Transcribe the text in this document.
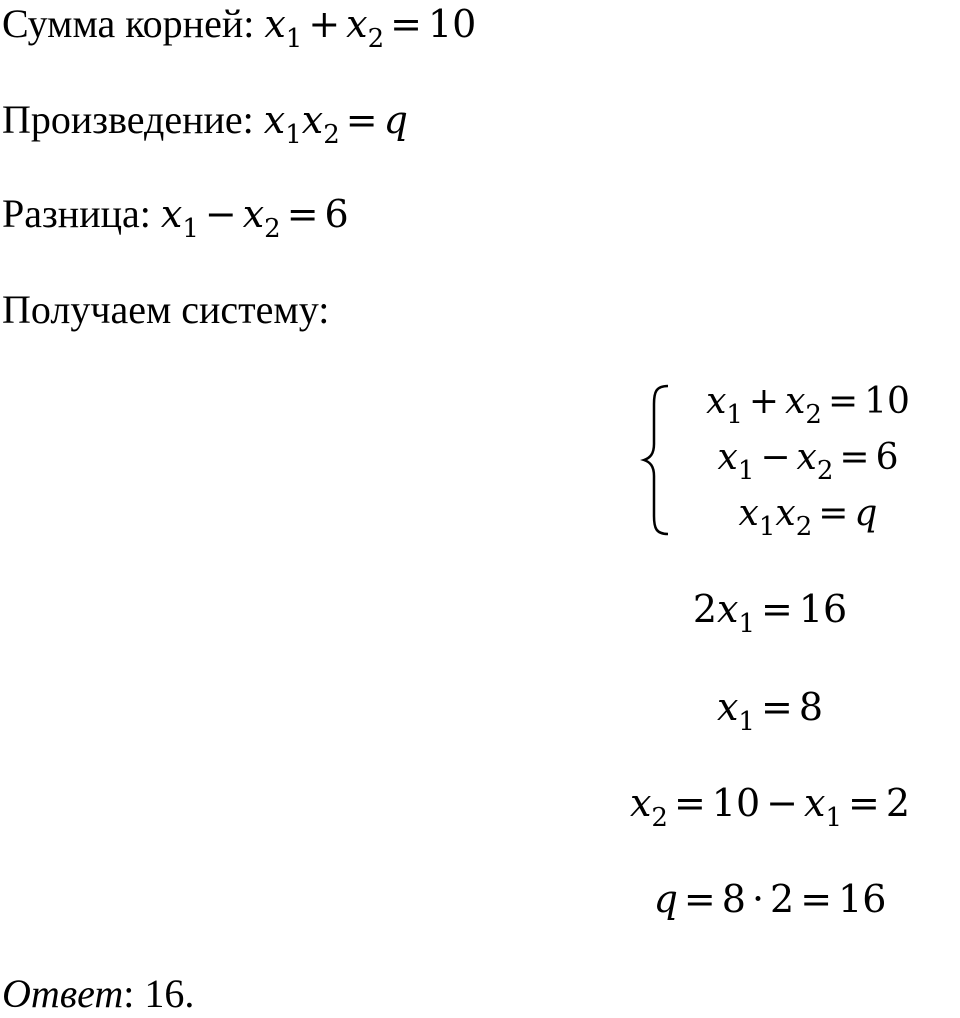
Сумма корней: $x_1 + x_2 = 10$
Произведение: $x_1x_2 = q$
Разница: $x_1 - x_2 = 6$
Получаем систему:
$x_1 + x_2 = 10$
$x_1 - x_2 = 6$
$x_1x_2 = q$
$2x_1 = 16$
$x_1 = 8$
$x_2 = 10 - x_1 = 2$
q = 8 · 2 = 16
Ответ: 16.
